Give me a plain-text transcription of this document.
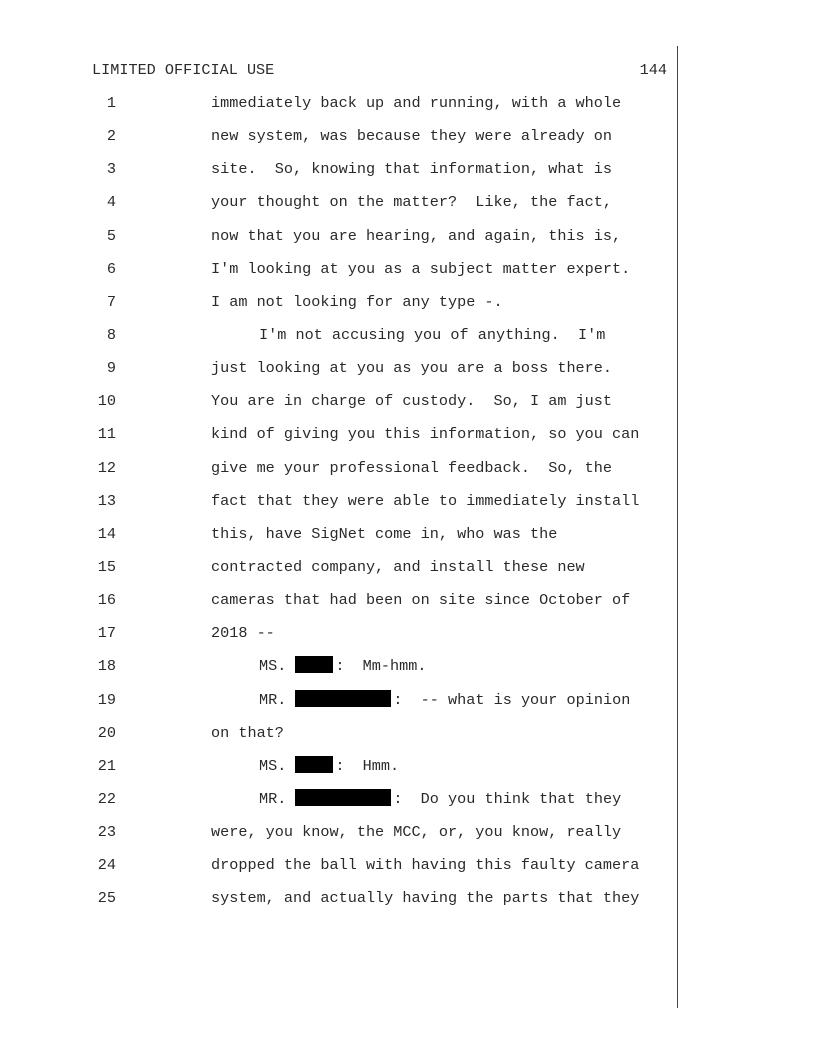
LIMITED OFFICIAL USE	144
1	immediately back up and running, with a whole
2	new system, was because they were already on
3	site.  So, knowing that information, what is
4	your thought on the matter?  Like, the fact,
5	now that you are hearing, and again, this is,
6	I'm looking at you as a subject matter expert.
7	I am not looking for any type -.
8	I'm not accusing you of anything.  I'm
9	just looking at you as you are a boss there.
10	You are in charge of custody.  So, I am just
11	kind of giving you this information, so you can
12	give me your professional feedback.  So, the
13	fact that they were able to immediately install
14	this, have SigNet come in, who was the
15	contracted company, and install these new
16	cameras that had been on site since October of
17	2018 --
18	MS.	:  Mm-hmm.
19	MR.	:  -- what is your opinion
20	on that?
21	MS.	:  Hmm.
22	MR.	:  Do you think that they
23	were, you know, the MCC, or, you know, really
24	dropped the ball with having this faulty camera
25	system, and actually having the parts that they
